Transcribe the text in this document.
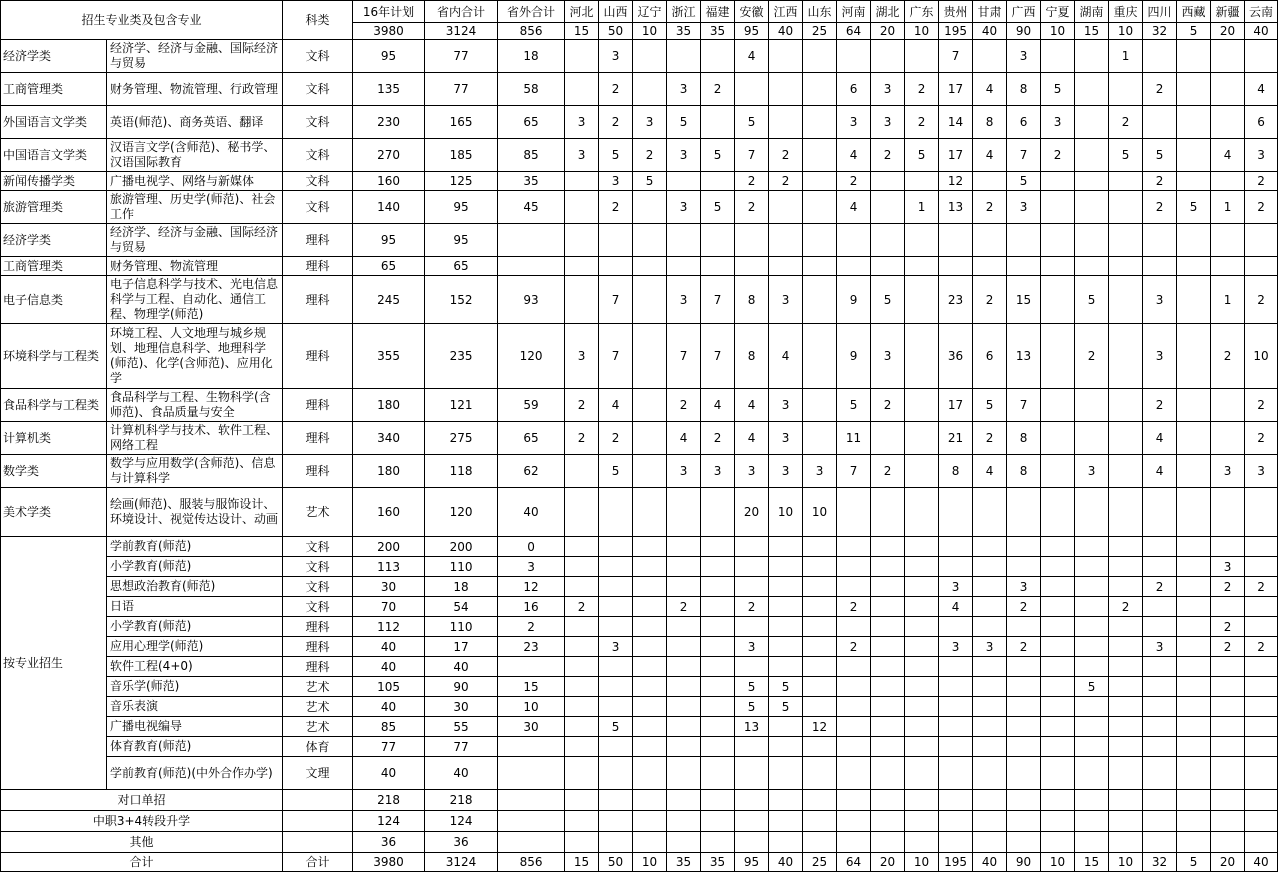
招生专业类及包含专业		科类	16年计划	省内合计	省外合计	河北	山西	辽宁	浙江	福建	安徽	江西	山东	河南	湖北	广东	贵州	甘肃	广西	宁夏	湖南	重庆	四川	西藏	新疆	云南
			3980	3124	856	15	50	10	35	35	95	40	25	64	20	10	195	40	90	10	15	10	32	5	20	40
经济学类	经济学、经济与金融、国际经济与贸易	文科	95	77	18		3				4						7		3			1				
工商管理类	财务管理、物流管理、行政管理	文科	135	77	58		2		3	2				6	3	2	17	4	8	5			2			4
外国语言文学类	英语(师范)、商务英语、翻译	文科	230	165	65	3	2	3	5		5			3	3	2	14	8	6	3		2				6
中国语言文学类	汉语言文学(含师范)、秘书学、汉语国际教育	文科	270	185	85	3	5	2	3	5	7	2		4	2	5	17	4	7	2		5	5		4	3
新闻传播学类	广播电视学、网络与新媒体	文科	160	125	35		3	5			2	2		2			12		5				2			2
旅游管理类	旅游管理、历史学(师范)、社会工作	文科	140	95	45		2		3	5	2			4		1	13	2	3				2	5	1	2
经济学类	经济学、经济与金融、国际经济与贸易	理科	95	95																						
工商管理类	财务管理、物流管理	理科	65	65																						
电子信息类	电子信息科学与技术、光电信息科学与工程、自动化、通信工程、物理学(师范)	理科	245	152	93		7		3	7	8	3		9	5		23	2	15		5		3		1	2
环境科学与工程类	环境工程、人文地理与城乡规划、地理信息科学、地理科学(师范)、化学(含师范)、应用化学	理科	355	235	120	3	7		7	7	8	4		9	3		36	6	13		2		3		2	10
食品科学与工程类	食品科学与工程、生物科学(含师范)、食品质量与安全	理科	180	121	59	2	4		2	4	4	3		5	2		17	5	7				2			2
计算机类	计算机科学与技术、软件工程、网络工程	理科	340	275	65	2	2		4	2	4	3		11			21	2	8				4			2
数学类	数学与应用数学(含师范)、信息与计算科学	理科	180	118	62		5		3	3	3	3	3	7	2		8	4	8		3		4		3	3
美术学类	绘画(师范)、服装与服饰设计、环境设计、视觉传达设计、动画	艺术	160	120	40						20	10	10													
按专业招生	学前教育(师范)	文科	200	200	0																					
	小学教育(师范)	文科	113	110	3																				3	
	思想政治教育(师范)	文科	30	18	12												3		3				2		2	2
	日语	文科	70	54	16	2			2		2			2			4		2			2				
	小学教育(师范)	理科	112	110	2																				2	
	应用心理学(师范)	理科	40	17	23		3				3			2			3	3	2				3		2	2
	软件工程(4+0)	理科	40	40																						
	音乐学(师范)	艺术	105	90	15						5	5									5					
	音乐表演	艺术	40	30	10						5	5														
	广播电视编导	艺术	85	55	30		5				13		12													
	体育教育(师范)	体育	77	77																						
	学前教育(师范)(中外合作办学)	文理	40	40																						
对口单招			218	218																						
中职3+4转段升学			124	124																						
其他			36	36																						
合计		合计	3980	3124	856	15	50	10	35	35	95	40	25	64	20	10	195	40	90	10	15	10	32	5	20	40
